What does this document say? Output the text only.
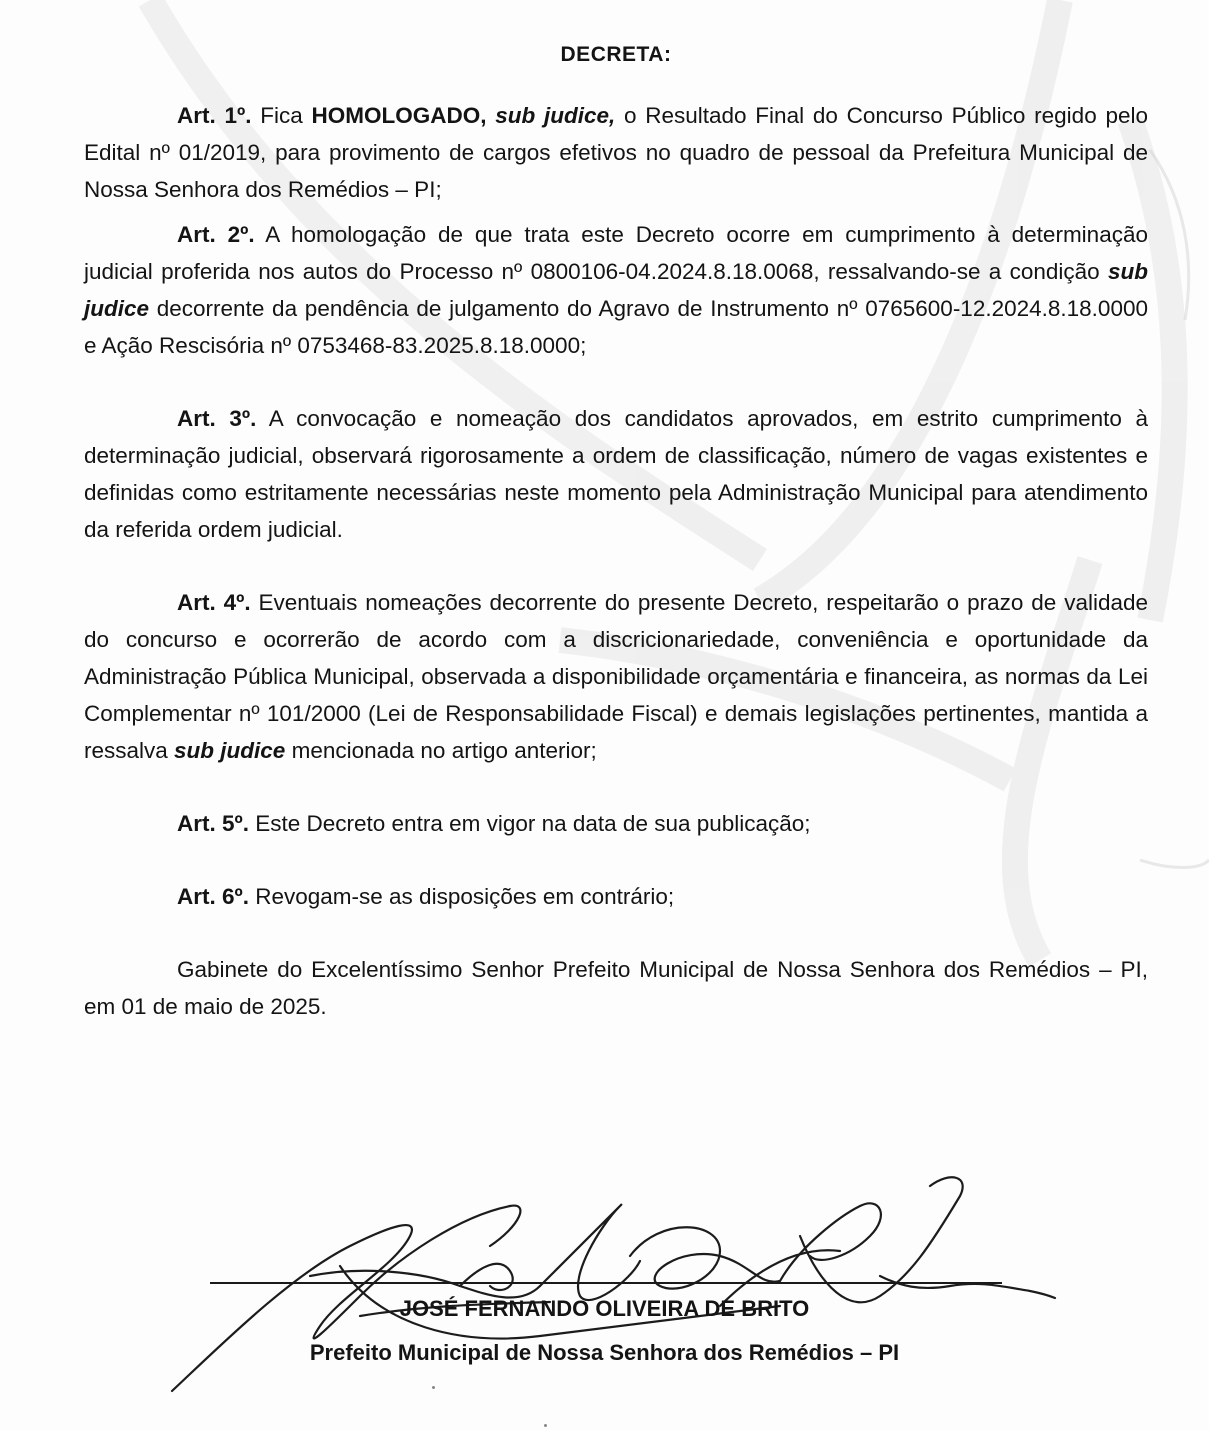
DECRETA:

Art. 1º. Fica HOMOLOGADO, sub judice, o Resultado Final do Concurso Público regido pelo Edital nº 01/2019, para provimento de cargos efetivos no quadro de pessoal da Prefeitura Municipal de Nossa Senhora dos Remédios – PI;

Art. 2º. A homologação de que trata este Decreto ocorre em cumprimento à determinação judicial proferida nos autos do Processo nº 0800106-04.2024.8.18.0068, ressalvando-se a condição sub judice decorrente da pendência de julgamento do Agravo de Instrumento nº 0765600-12.2024.8.18.0000 e Ação Rescisória nº 0753468-83.2025.8.18.0000;

Art. 3º. A convocação e nomeação dos candidatos aprovados, em estrito cumprimento à determinação judicial, observará rigorosamente a ordem de classificação, número de vagas existentes e definidas como estritamente necessárias neste momento pela Administração Municipal para atendimento da referida ordem judicial.

Art. 4º. Eventuais nomeações decorrente do presente Decreto, respeitarão o prazo de validade do concurso e ocorrerão de acordo com a discricionariedade, conveniência e oportunidade da Administração Pública Municipal, observada a disponibilidade orçamentária e financeira, as normas da Lei Complementar nº 101/2000 (Lei de Responsabilidade Fiscal) e demais legislações pertinentes, mantida a ressalva sub judice mencionada no artigo anterior;

Art. 5º. Este Decreto entra em vigor na data de sua publicação;

Art. 6º. Revogam-se as disposições em contrário;

Gabinete do Excelentíssimo Senhor Prefeito Municipal de Nossa Senhora dos Remédios – PI, em 01 de maio de 2025.

JOSÉ FERNANDO OLIVEIRA DE BRITO
Prefeito Municipal de Nossa Senhora dos Remédios – PI
